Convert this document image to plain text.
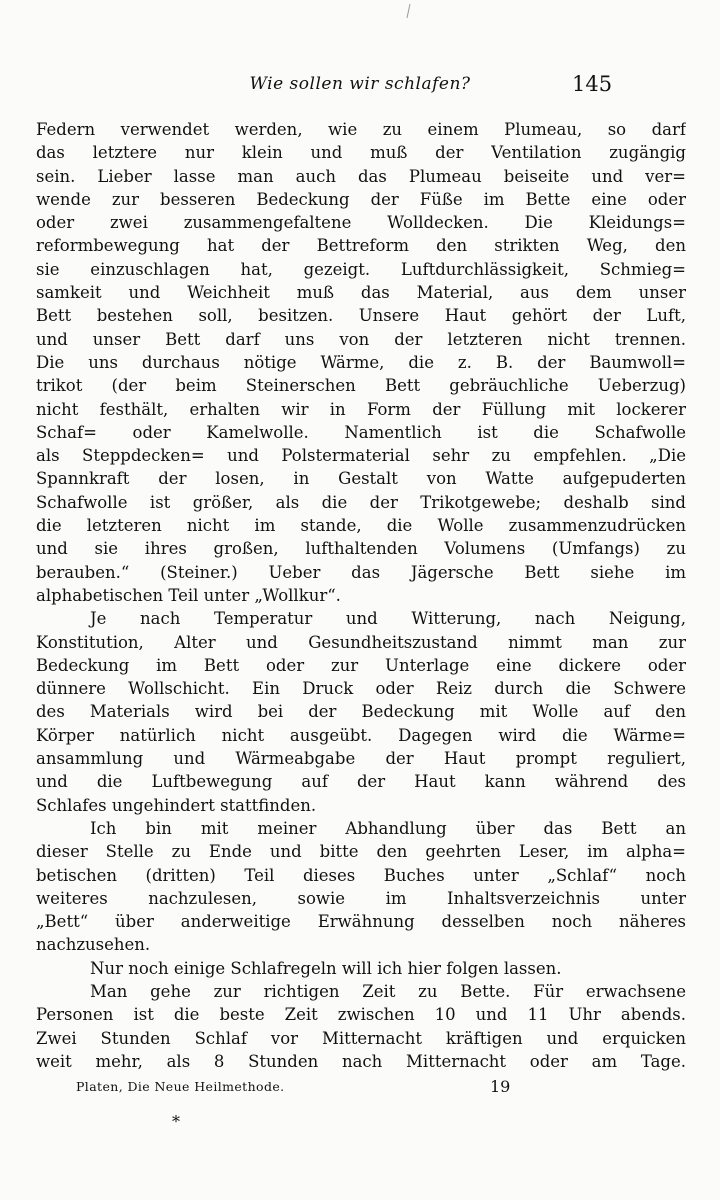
Wie sollen wir schlafen?	145
Federn verwendet werden, wie zu einem Plumeau, so darf
das letztere nur klein und muß der Ventilation zugängig
sein. Lieber lasse man auch das Plumeau beiseite und ver=
wende zur besseren Bedeckung der Füße im Bette eine oder
oder zwei zusammengefaltene Wolldecken. Die Kleidungs=
reformbewegung hat der Bettreform den strikten Weg, den
sie einzuschlagen hat, gezeigt. Luftdurchlässigkeit, Schmieg=
samkeit und Weichheit muß das Material, aus dem unser
Bett bestehen soll, besitzen. Unsere Haut gehört der Luft,
und unser Bett darf uns von der letzteren nicht trennen.
Die uns durchaus nötige Wärme, die z. B. der Baumwoll=
trikot (der beim Steinerschen Bett gebräuchliche Ueberzug)
nicht festhält, erhalten wir in Form der Füllung mit lockerer
Schaf= oder Kamelwolle. Namentlich ist die Schafwolle
als Steppdecken= und Polstermaterial sehr zu empfehlen. „Die
Spannkraft der losen, in Gestalt von Watte aufgepuderten
Schafwolle ist größer, als die der Trikotgewebe; deshalb sind
die letzteren nicht im stande, die Wolle zusammenzudrücken
und sie ihres großen, lufthaltenden Volumens (Umfangs) zu
berauben.“ (Steiner.) Ueber das Jägersche Bett siehe im
alphabetischen Teil unter „Wollkur“.
Je nach Temperatur und Witterung, nach Neigung,
Konstitution, Alter und Gesundheitszustand nimmt man zur
Bedeckung im Bett oder zur Unterlage eine dickere oder
dünnere Wollschicht. Ein Druck oder Reiz durch die Schwere
des Materials wird bei der Bedeckung mit Wolle auf den
Körper natürlich nicht ausgeübt. Dagegen wird die Wärme=
ansammlung und Wärmeabgabe der Haut prompt reguliert,
und die Luftbewegung auf der Haut kann während des
Schlafes ungehindert stattfinden.
Ich bin mit meiner Abhandlung über das Bett an
dieser Stelle zu Ende und bitte den geehrten Leser, im alpha=
betischen (dritten) Teil dieses Buches unter „Schlaf“ noch
weiteres nachzulesen, sowie im Inhaltsverzeichnis unter
„Bett“ über anderweitige Erwähnung desselben noch näheres
nachzusehen.
Nur noch einige Schlafregeln will ich hier folgen lassen.
Man gehe zur richtigen Zeit zu Bette. Für erwachsene
Personen ist die beste Zeit zwischen 10 und 11 Uhr abends.
Zwei Stunden Schlaf vor Mitternacht kräftigen und erquicken
weit mehr, als 8 Stunden nach Mitternacht oder am Tage.
Platen, Die Neue Heilmethode.	19
*
